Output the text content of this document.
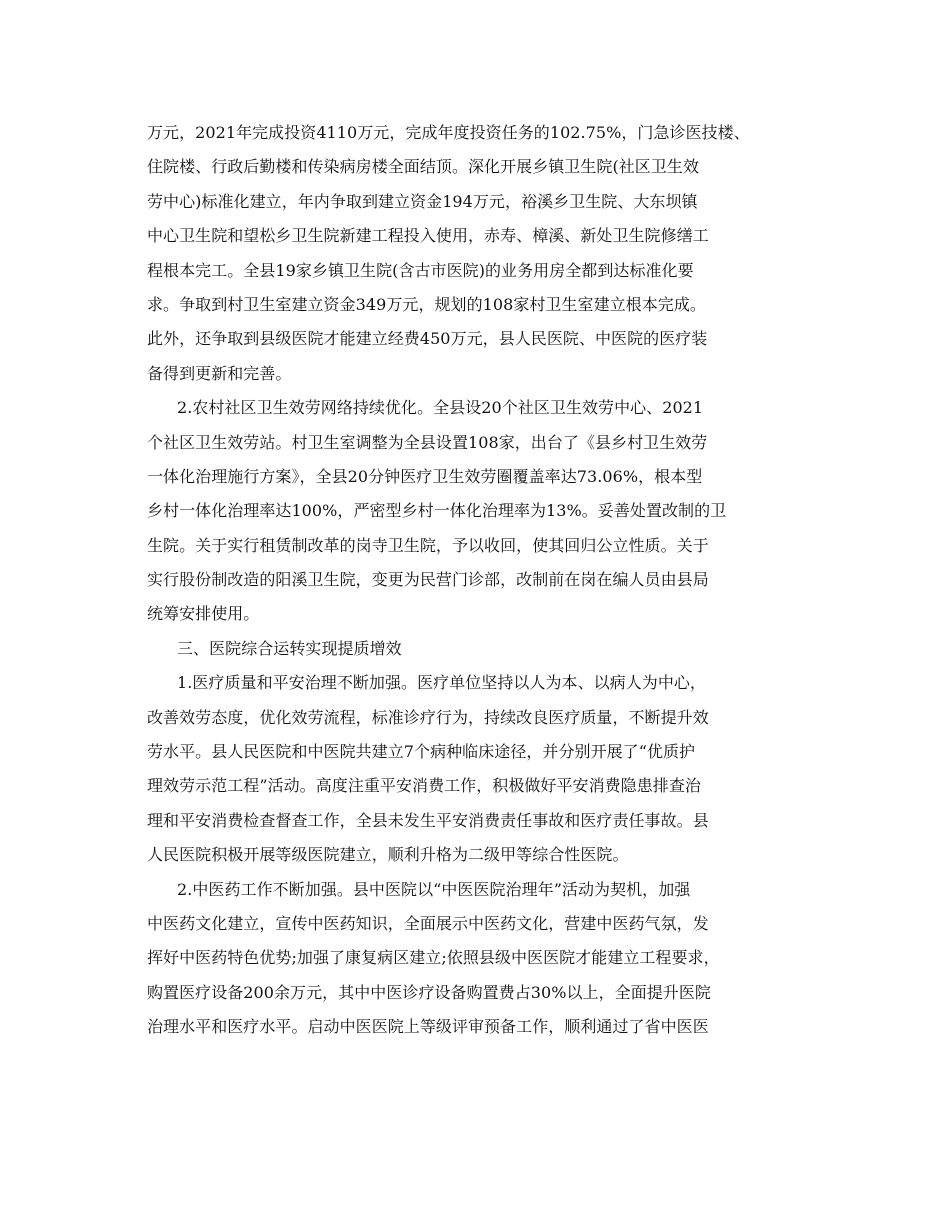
万元，2021年完成投资4110万元，完成年度投资任务的102.75%，门急诊医技楼、
住院楼、行政后勤楼和传染病房楼全面结顶。深化开展乡镇卫生院(社区卫生效
劳中心)标准化建立，年内争取到建立资金194万元，裕溪乡卫生院、大东坝镇
中心卫生院和望松乡卫生院新建工程投入使用，赤寿、樟溪、新处卫生院修缮工
程根本完工。全县19家乡镇卫生院(含古市医院)的业务用房全都到达标准化要
求。争取到村卫生室建立资金349万元，规划的108家村卫生室建立根本完成。
此外，还争取到县级医院才能建立经费450万元，县人民医院、中医院的医疗装
备得到更新和完善。
2.农村社区卫生效劳网络持续优化。全县设20个社区卫生效劳中心、2021
个社区卫生效劳站。村卫生室调整为全县设置108家，出台了《县乡村卫生效劳
一体化治理施行方案》，全县20分钟医疗卫生效劳圈覆盖率达73.06%，根本型
乡村一体化治理率达100%，严密型乡村一体化治理率为13%。妥善处置改制的卫
生院。关于实行租赁制改革的岗寺卫生院，予以收回，使其回归公立性质。关于
实行股份制改造的阳溪卫生院，变更为民营门诊部，改制前在岗在编人员由县局
统筹安排使用。
三、医院综合运转实现提质增效
1.医疗质量和平安治理不断加强。医疗单位坚持以人为本、以病人为中心，
改善效劳态度，优化效劳流程，标准诊疗行为，持续改良医疗质量，不断提升效
劳水平。县人民医院和中医院共建立7个病种临床途径，并分别开展了“优质护
理效劳示范工程”活动。高度注重平安消费工作，积极做好平安消费隐患排查治
理和平安消费检查督查工作，全县未发生平安消费责任事故和医疗责任事故。县
人民医院积极开展等级医院建立，顺利升格为二级甲等综合性医院。
2.中医药工作不断加强。县中医院以“中医医院治理年”活动为契机，加强
中医药文化建立，宣传中医药知识，全面展示中医药文化，营建中医药气氛，发
挥好中医药特色优势;加强了康复病区建立;依照县级中医医院才能建立工程要求，
购置医疗设备200余万元，其中中医诊疗设备购置费占30%以上，全面提升医院
治理水平和医疗水平。启动中医医院上等级评审预备工作，顺利通过了省中医医
